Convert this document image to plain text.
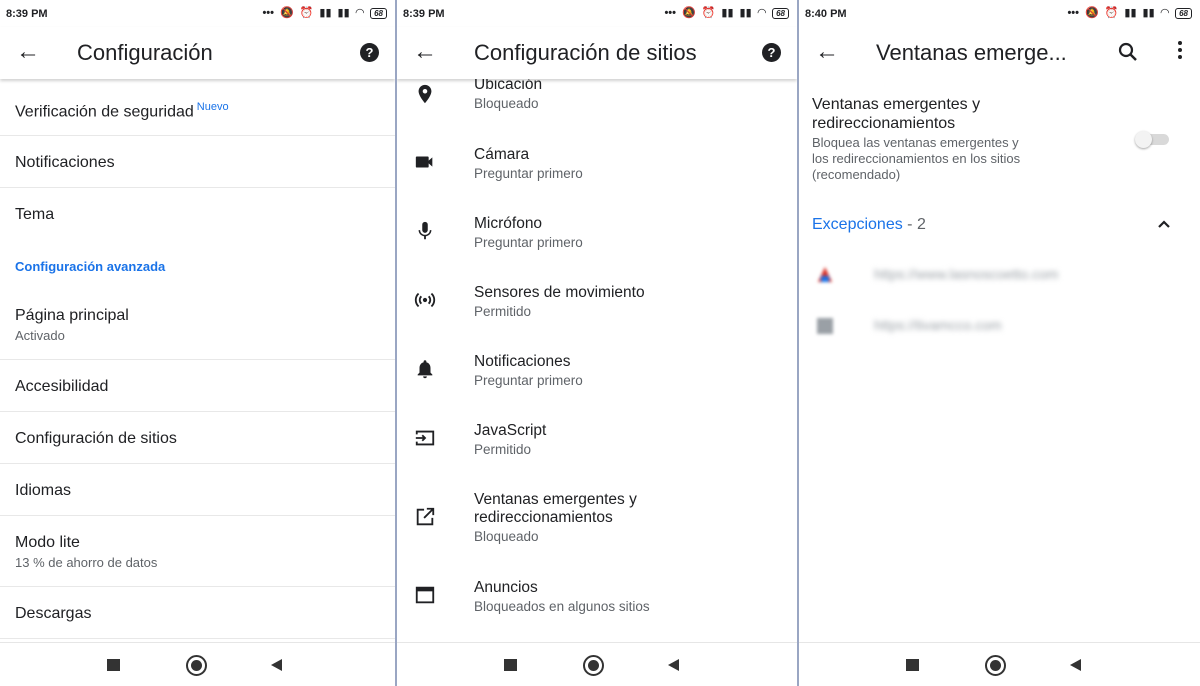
8:39 PM	••• 🔕 ⏰ ▮▮ ▮▮ ◠	68
← Configuración	?
Verificación de seguridad $^{Nuevo}$
Notificaciones
Tema
Configuración avanzada
Página principal
Activado
Accesibilidad
Configuración de sitios
Idiomas
Modo lite
13 % de ahorro de datos
Descargas
8:39 PM	••• 🔕 ⏰ ▮▮ ▮▮ ◠	68
← Configuración de sitios	?
Ubicación
Bloqueado
Cámara
Preguntar primero
Micrófono
Preguntar primero
Sensores de movimiento
Permitido
Notificaciones
Preguntar primero
JavaScript
Permitido
Ventanas emergentes y
redireccionamientos
Bloqueado
Anuncios
Bloqueados en algunos sitios
8:40 PM	••• 🔕 ⏰ ▮▮ ▮▮ ◠	68
← Ventanas emerge...
Ventanas emergentes y
redireccionamientos
Bloquea las ventanas emergentes y
los redireccionamientos en los sitios
(recomendado)
Excepciones - 2
https://www.lasnoscoetto.com
https://tivamcco.com
